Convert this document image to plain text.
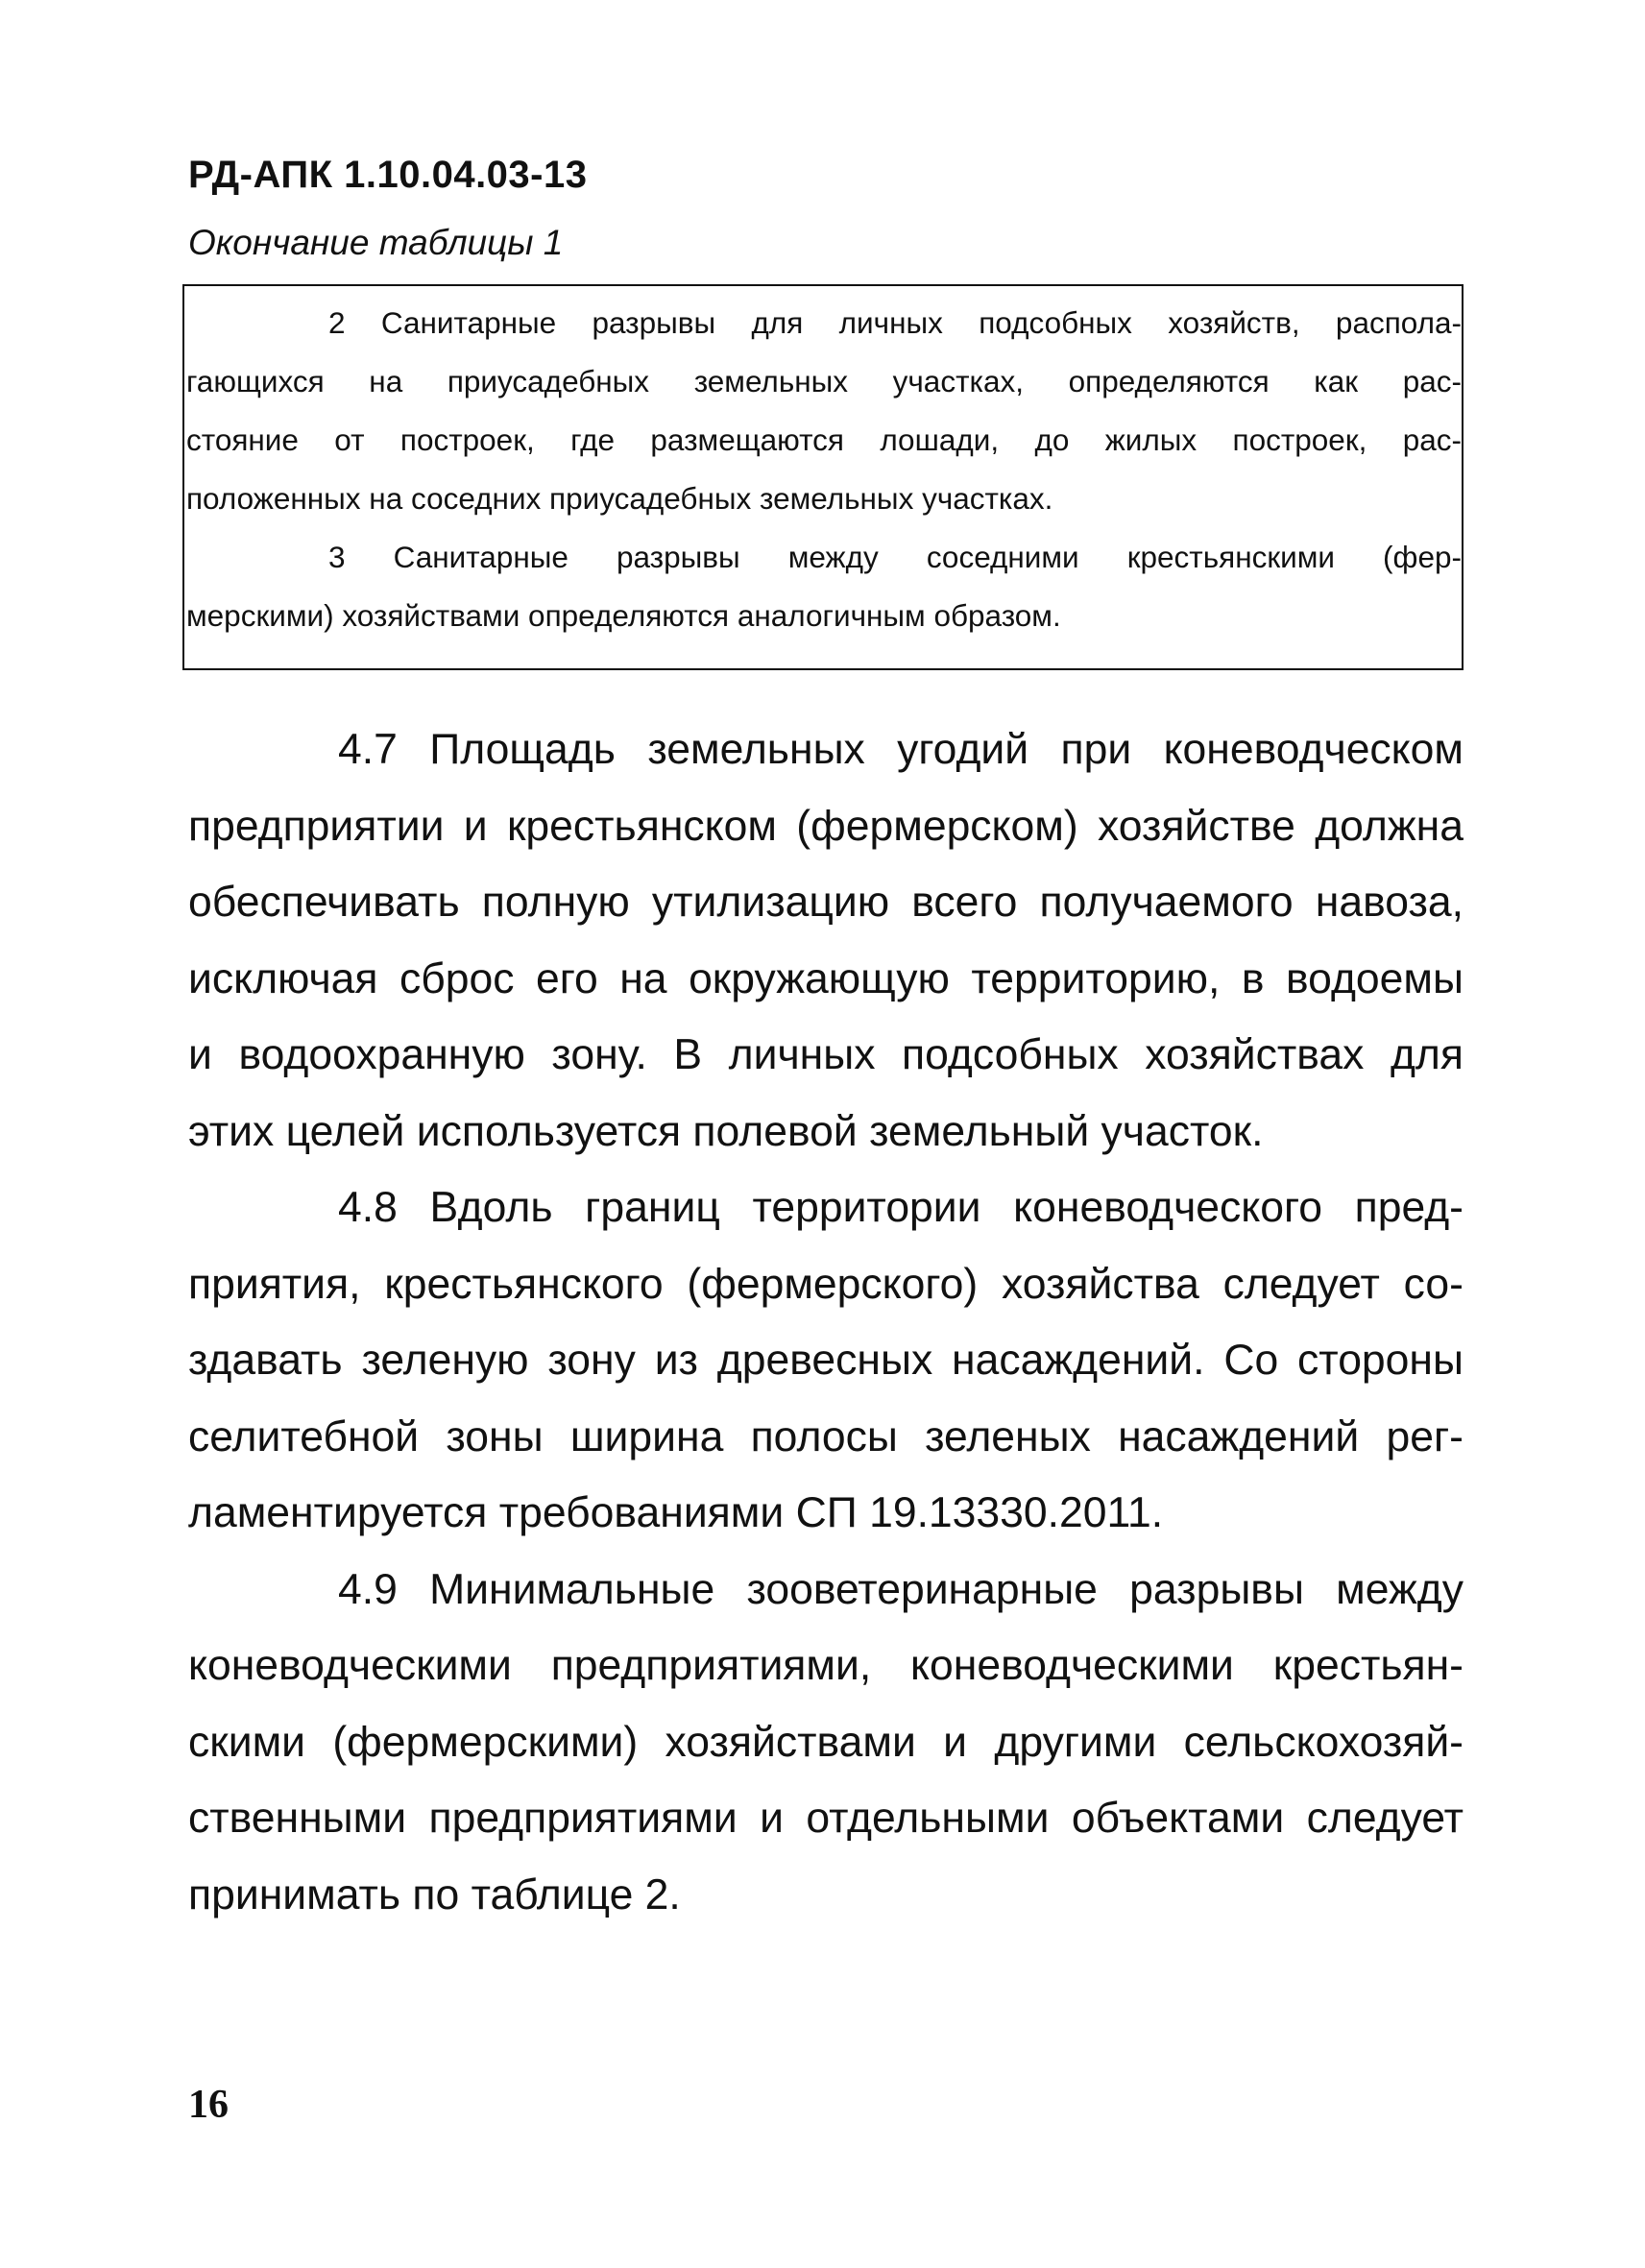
РД-АПК 1.10.04.03-13
Окончание таблицы 1
2 Санитарные разрывы для личных подсобных хозяйств, распола-
гающихся на приусадебных земельных участках, определяются как рас-
стояние от построек, где размещаются лошади, до жилых построек, рас-
положенных на соседних приусадебных земельных участках.
3 Санитарные разрывы между соседними крестьянскими (фер-
мерскими) хозяйствами определяются аналогичным образом.
4.7 Площадь земельных угодий при коневодческом
предприятии и крестьянском (фермерском) хозяйстве должна
обеспечивать полную утилизацию всего получаемого навоза,
исключая сброс его на окружающую территорию, в водоемы
и водоохранную зону. В личных подсобных хозяйствах для
этих целей используется полевой земельный участок.
4.8 Вдоль границ территории коневодческого пред-
приятия, крестьянского (фермерского) хозяйства следует со-
здавать зеленую зону из древесных насаждений. Со стороны
селитебной зоны ширина полосы зеленых насаждений рег-
ламентируется требованиями СП 19.13330.2011.
4.9 Минимальные зооветеринарные разрывы между
коневодческими предприятиями, коневодческими крестьян-
скими (фермерскими) хозяйствами и другими сельскохозяй-
ственными предприятиями и отдельными объектами следует
принимать по таблице 2.
16
